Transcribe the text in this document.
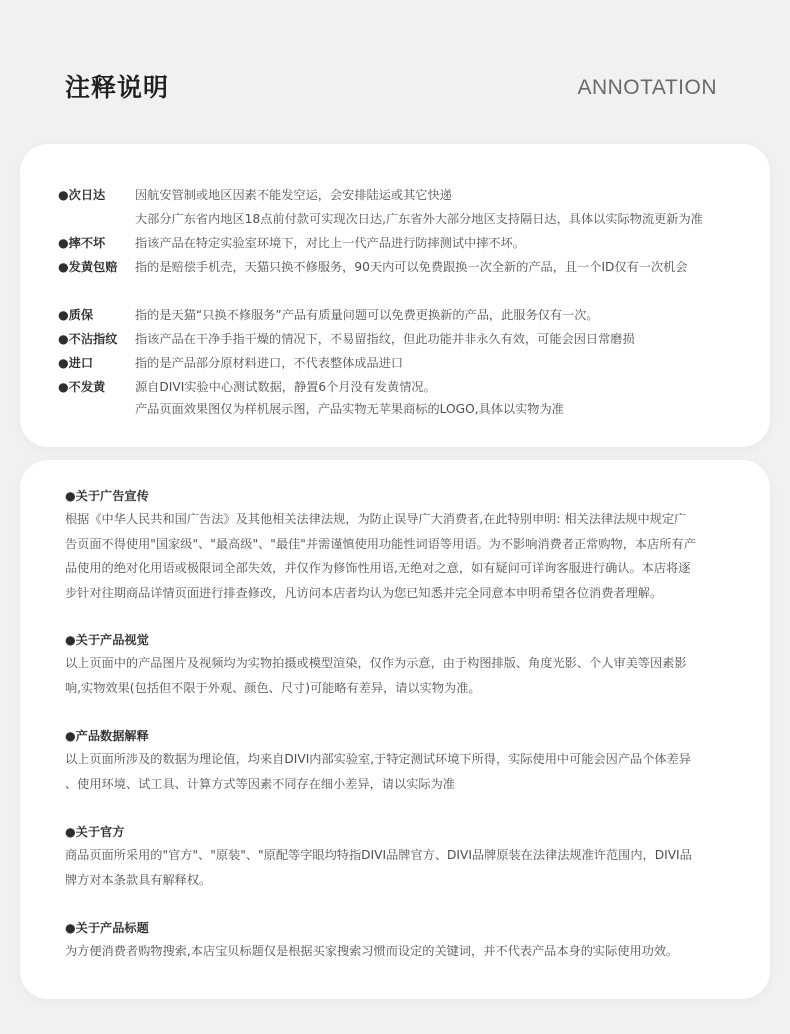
注释说明	ANNOTATION
●次日达 因航安管制或地区因素不能发空运，会安排陆运或其它快递
大部分广东省内地区18点前付款可实现次日达,广东省外大部分地区支持隔日达，具体以实际物流更新为准
●摔不坏 指该产品在特定实验室环境下，对比上一代产品进行防摔测试中摔不坏。
●发黄包赔 指的是赔偿手机壳，天猫只换不修服务，90天内可以免费跟换一次全新的产品，且一个ID仅有一次机会
●质保	指的是天猫“只换不修服务”产品有质量问题可以免费更换新的产品，此服务仅有一次。
●不沾指纹 指该产品在干净手指干燥的情况下，不易留指纹，但此功能并非永久有效，可能会因日常磨损
●进口	指的是产品部分原材料进口，不代表整体成品进口
●不发黄 源自DIVI实验中心测试数据，静置6个月没有发黄情况。
产品页面效果图仅为样机展示图，产品实物无苹果商标的LOGO,具体以实物为准
●关于广告宣传
根据《中华人民共和国广告法》及其他相关法律法规，为防止误导广大消费者,在此特别申明: 相关法律法规中规定广
告页面不得使用"国家级"、"最高级"、"最佳"并需谨慎使用功能性词语等用语。为不影响消费者正常购物，本店所有产
品使用的绝对化用语或极限词全部失效，并仅作为修饰性用语,无绝对之意，如有疑问可详询客服进行确认。本店将逐
步针对往期商品详情页面进行排查修改，凡访问本店者均认为您已知悉并完全同意本申明希望各位消费者理解。
●关于产品视觉
以上页面中的产品图片及视频均为实物拍摄或模型渲染，仅作为示意，由于构图排版、角度光影、个人审美等因素影
响,实物效果(包括但不限于外观、颜色、尺寸)可能略有差异，请以实物为准。
●产品数据解释
以上页面所涉及的数据为理论值，均来自DIVI内部实验室,于特定测试环境下所得，实际使用中可能会因产品个体差异
、使用环境、试工具、计算方式等因素不同存在细小差异，请以实际为准
●关于官方
商品页面所采用的"官方"、"原装"、"原配等字眼均特指DIVI品牌官方、DIVI品牌原装在法律法规准许范围内，DIVI品
牌方对本条款具有解释权。
●关于产品标题
为方便消费者购物搜索,本店宝贝标题仅是根据买家搜索习惯而设定的关键词，并不代表产品本身的实际使用功效。
